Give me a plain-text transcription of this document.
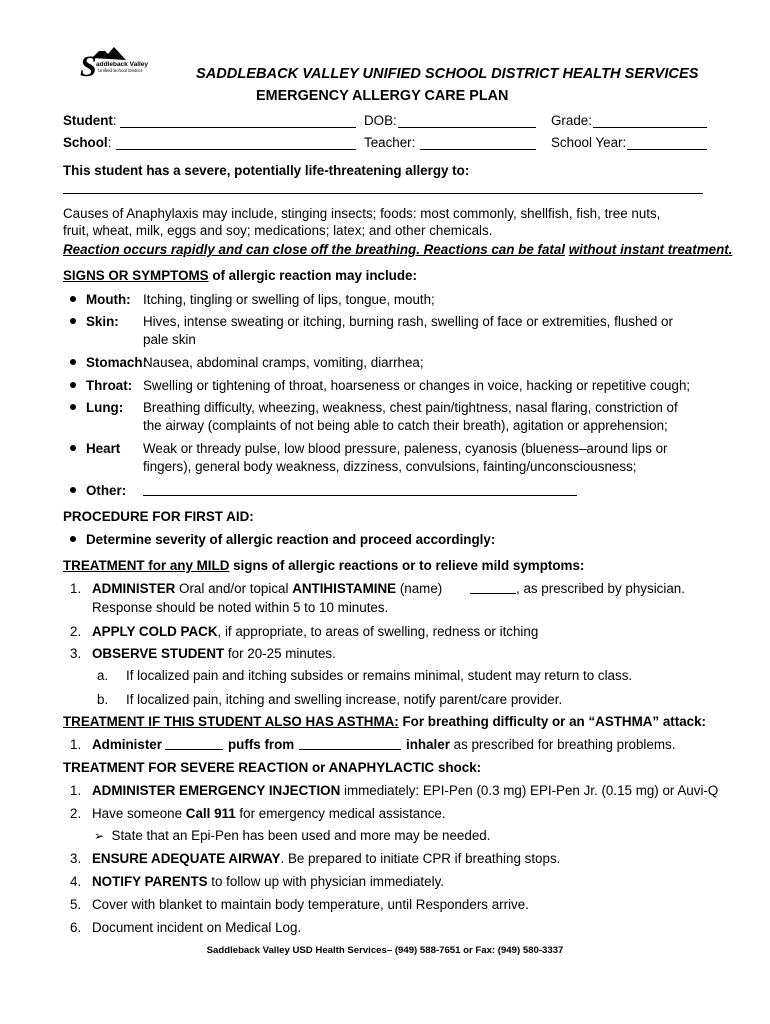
S addleback Valley
Unified School District	SADDLEBACK VALLEY UNIFIED SCHOOL DISTRICT HEALTH SERVICES
EMERGENCY ALLERGY CARE PLAN
Student:	DOB:	Grade:
School:	Teacher:	School Year:
This student has a severe, potentially life-threatening allergy to:
Causes of Anaphylaxis may include, stinging insects; foods: most commonly, shellfish, fish, tree nuts,
fruit, wheat, milk, eggs and soy; medications; latex; and other chemicals.
Reaction occurs rapidly and can close off the breathing. Reactions can be fatal without instant treatment.
SIGNS OR SYMPTOMS of allergic reaction may include:
Mouth: Itching, tingling or swelling of lips, tongue, mouth;
Skin: Hives, intense sweating or itching, burning rash, swelling of face or extremities, flushed or
pale skin
Stomach:
Nausea, abdominal cramps, vomiting, diarrhea;
Throat: Swelling or tightening of throat, hoarseness or changes in voice, hacking or repetitive cough;
Lung: Breathing difficulty, wheezing, weakness, chest pain/tightness, nasal flaring, constriction of
the airway (complaints of not being able to catch their breath), agitation or apprehension;
Heart Weak or thready pulse, low blood pressure, paleness, cyanosis (blueness–around lips or
fingers), general body weakness, dizziness, convulsions, fainting/unconsciousness;
Other:
PROCEDURE FOR FIRST AID:
Determine severity of allergic reaction and proceed accordingly:
TREATMENT for any MILD signs of allergic reactions or to relieve mild symptoms:
1. ADMINISTER Oral and/or topical ANTIHISTAMINE (name)	, as prescribed by physician.
Response should be noted within 5 to 10 minutes.
2. APPLY COLD PACK, if appropriate, to areas of swelling, redness or itching
3. OBSERVE STUDENT for 20-25 minutes.
a. If localized pain and itching subsides or remains minimal, student may return to class.
b. If localized pain, itching and swelling increase, notify parent/care provider.
TREATMENT IF THIS STUDENT ALSO HAS ASTHMA: For breathing difficulty or an “ASTHMA” attack:
1. Administer	puffs from	inhaler as prescribed for breathing problems.
TREATMENT FOR SEVERE REACTION or ANAPHYLACTIC shock:
1. ADMINISTER EMERGENCY INJECTION immediately: EPI-Pen (0.3 mg) EPI-Pen Jr. (0.15 mg) or Auvi-Q
2. Have someone Call 911 for emergency medical assistance.
➢ State that an Epi-Pen has been used and more may be needed.
3. ENSURE ADEQUATE AIRWAY. Be prepared to initiate CPR if breathing stops.
4. NOTIFY PARENTS to follow up with physician immediately.
5. Cover with blanket to maintain body temperature, until Responders arrive.
6. Document incident on Medical Log.
Saddleback Valley USD Health Services– (949) 588-7651 or Fax: (949) 580-3337
